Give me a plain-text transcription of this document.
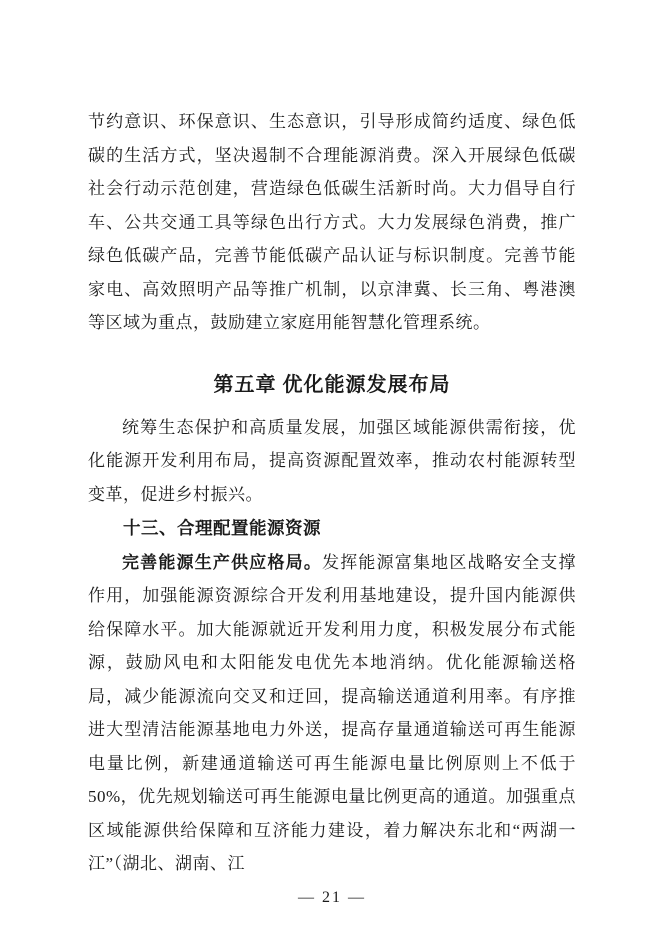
节约意识、环保意识、生态意识，引导形成简约适度、绿色低碳的生活方式，坚决遏制不合理能源消费。深入开展绿色低碳社会行动示范创建，营造绿色低碳生活新时尚。大力倡导自行车、公共交通工具等绿色出行方式。大力发展绿色消费，推广绿色低碳产品，完善节能低碳产品认证与标识制度。完善节能家电、高效照明产品等推广机制，以京津冀、长三角、粤港澳等区域为重点，鼓励建立家庭用能智慧化管理系统。

第五章 优化能源发展布局

统筹生态保护和高质量发展，加强区域能源供需衔接，优化能源开发利用布局，提高资源配置效率，推动农村能源转型变革，促进乡村振兴。

十三、合理配置能源资源

完善能源生产供应格局。发挥能源富集地区战略安全支撑作用，加强能源资源综合开发利用基地建设，提升国内能源供给保障水平。加大能源就近开发利用力度，积极发展分布式能源，鼓励风电和太阳能发电优先本地消纳。优化能源输送格局，减少能源流向交叉和迂回，提高输送通道利用率。有序推进大型清洁能源基地电力外送，提高存量通道输送可再生能源电量比例，新建通道输送可再生能源电量比例原则上不低于 50%，优先规划输送可再生能源电量比例更高的通道。加强重点区域能源供给保障和互济能力建设，着力解决东北和“两湖一江”（湖北、湖南、江

— 21 —
